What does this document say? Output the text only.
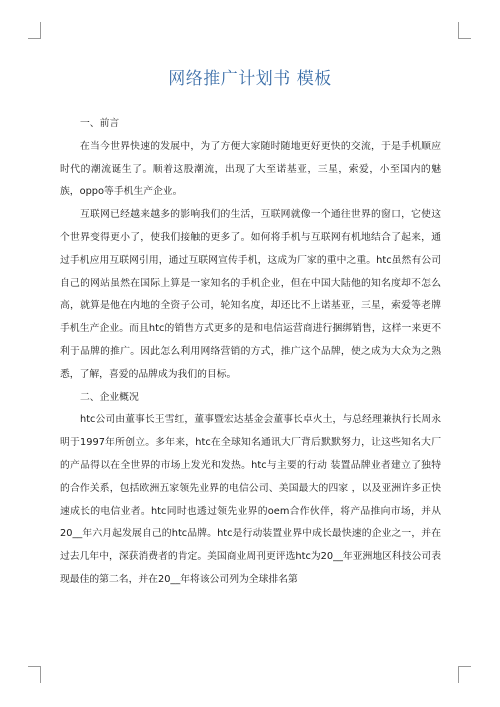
网络推广计划书 模板

一、前言

在当今世界快速的发展中，为了方便大家随时随地更好更快的交流，于是手机顺应时代的潮流诞生了。顺着这股潮流，出现了大至诺基亚，三星，索爱，小至国内的魅族，oppo等手机生产企业。

互联网已经越来越多的影响我们的生活，互联网就像一个通往世界的窗口，它使这个世界变得更小了，使我们接触的更多了。如何将手机与互联网有机地结合了起来，通过手机应用互联网引用，通过互联网宣传手机，这成为厂家的重中之重。htc虽然有公司自己的网站虽然在国际上算是一家知名的手机企业，但在中国大陆他的知名度却不怎么高，就算是他在内地的全资子公司，轮知名度，却还比不上诺基亚，三星，索爱等老牌手机生产企业。而且htc的销售方式更多的是和电信运营商进行捆绑销售，这样一来更不利于品牌的推广。因此怎么利用网络营销的方式，推广这个品牌，使之成为大众为之熟悉，了解，喜爱的品牌成为我们的目标。

二、企业概况

htc公司由董事长王雪红，董事暨宏达基金会董事长卓火土，与总经理兼执行长周永明于1997年所创立。多年来，htc在全球知名通讯大厂背后默默努力，让这些知名大厂的产品得以在全世界的市场上发光和发热。htc与主要的行动 装置品牌业者建立了独特的合作关系，包括欧洲五家领先业界的电信公司、美国最大的四家 ，以及亚洲许多正快速成长的电信业者。htc同时也透过领先业界的oem合作伙伴，将产品推向市场，并从20__年六月起发展自己的htc品牌。htc是行动装置业界中成长最快速的企业之一，并在过去几年中，深获消费者的肯定。美国商业周刊更评选htc为20__年亚洲地区科技公司表现最佳的第二名，并在20__年将该公司列为全球排名第
